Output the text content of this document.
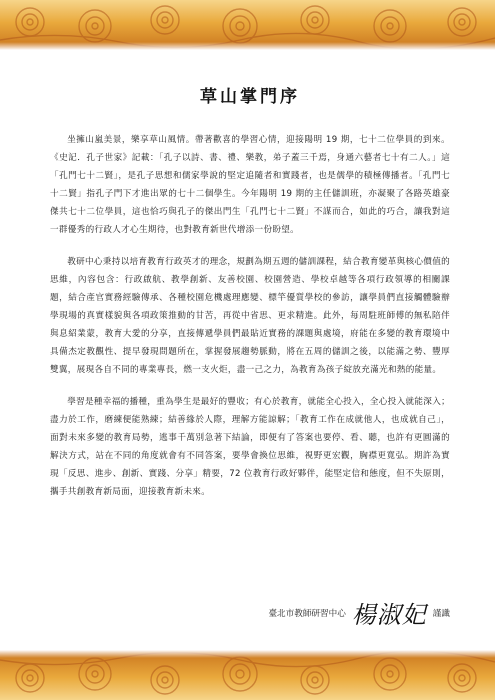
草山掌門序

坐擁山嵐美景，樂享草山風情。帶著歡喜的學習心情，迎接陽明 19 期，七十二位學員的到來。《史記．孔子世家》記載：「孔子以詩、書、禮、樂教，弟子蓋三千焉，身通六藝者七十有二人。」這「孔門七十二賢」，是孔子思想和儒家學說的堅定追隨者和實踐者，也是儒學的積極傳播者。「孔門七十二賢」指孔子門下才進出眾的七十二個學生。今年陽明 19 期的主任儲訓班，亦凝聚了各路英雄豪傑共七十二位學員，這也恰巧與孔子的傑出門生「孔門七十二賢」不謀而合，如此的巧合，讓我對這一群優秀的行政人才心生期待，也對教育新世代增添一份盼望。

教研中心秉持以培育教育行政英才的理念，規劃為期五週的儲訓課程，結合教育變革與核心價值的思維，內容包含：行政啟航、教學創新、友善校園、校園營造、學校卓越等各項行政領導的相關課題，結合產官實務經驗傳承、各種校園危機處理應變、標竿優質學校的參訪，讓學員們直接觸體驗辦學現場的真實樣貌與各項政策推動的甘苦，再從中省思、更求精進。此外，每周駐班師傅的無私陪伴與息紹業蒙，教育大愛的分享，直接傳遞學員們最貼近實務的課題與處境，府能在多變的教育環境中具備杰定教觀性、提早發現問題所在，掌握發展趨勢脈動，將在五周的儲訓之後，以能滿之勢、豐厚雙翼，展現各自不同的專業專長，燃一支火炬，盡一己之力，為教育為孩子綻放充滿光和熱的能量。

學習是種幸福的播種，重為學生是最好的豐收；有心於教育，就能全心投入，全心投入就能深入；盡力於工作，磨練便能熟練；結善緣於人際，理解方能諒解；「教育工作在成就他人，也成就自己」，面對未來多變的教育局勢，逃事千萬別急著下結論，即便有了答案也要停、看、聽，也許有更圓滿的解決方式，站在不同的角度就會有不同答案，要學會換位思維，視野更宏觀，胸襟更寬弘。期許為實現「反思、進步、創新、實踐、分享」精要，72 位教育行政好夥伴，能堅定信和態度，但不失原則，攜手共創教育新局面，迎接教育新未來。

臺北市教師研習中心 楊淑妃 謹識
